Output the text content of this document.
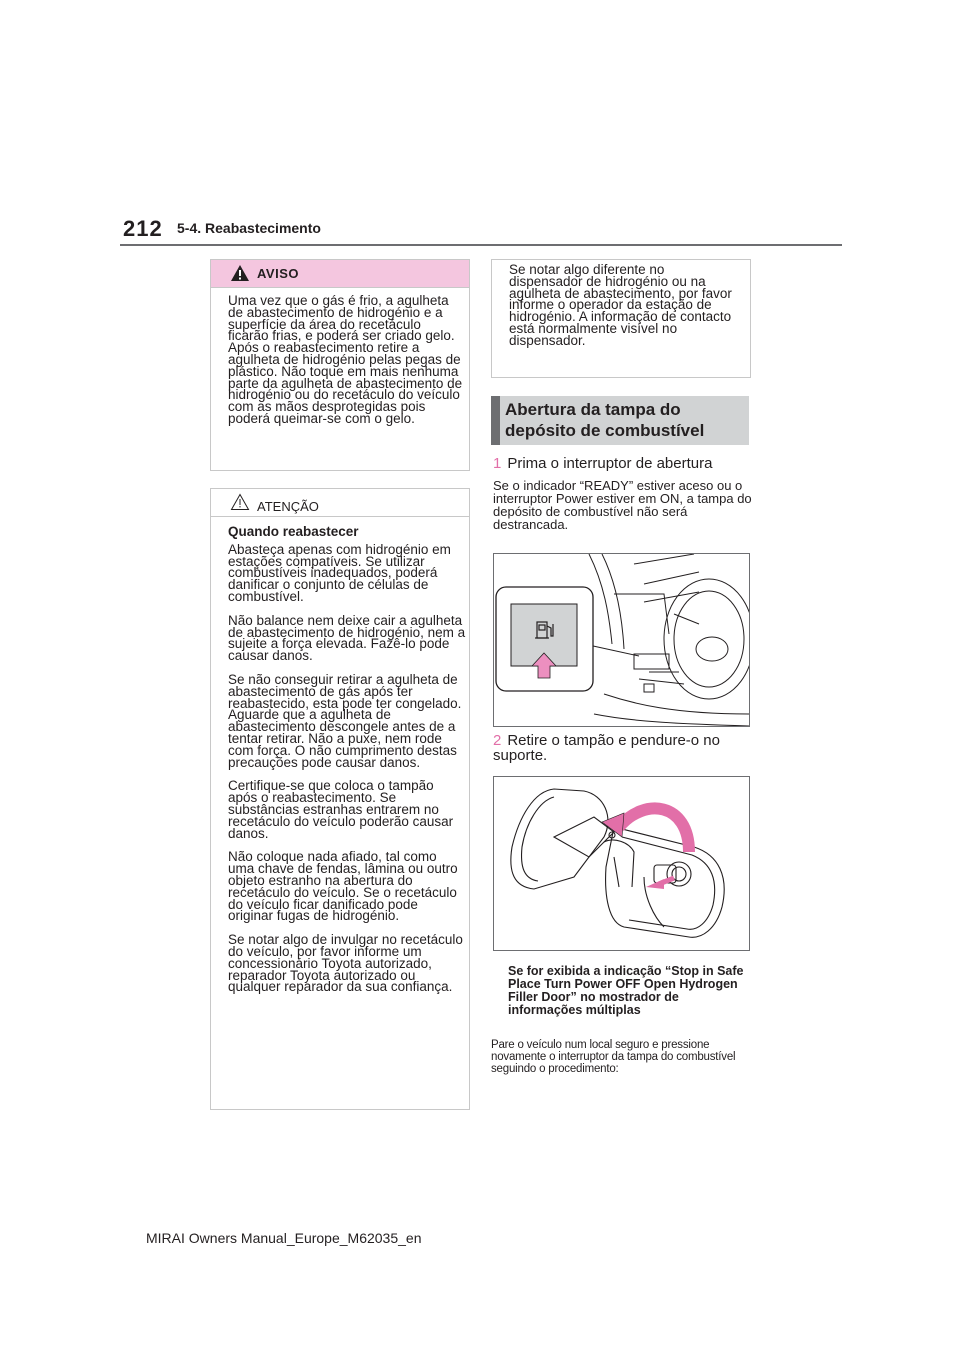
212 5-4. Reabastecimento
AVISO
Uma vez que o gás é frio, a agulheta de abastecimento de hidrogénio e a superfície da área do recetáculo ficarão frias, e poderá ser criado gelo. Após o reabastecimento retire a agulheta de hidrogénio pelas pegas de plástico. Não toque em mais nenhuma parte da agulheta de abastecimento de hidrogénio ou do recetáculo do veículo com as mãos desprotegidas pois poderá queimar-se com o gelo.
ATENÇÃO

Quando reabastecer

Abasteça apenas com hidrogénio em estações compatíveis. Se utilizar combustíveis inadequados, poderá danificar o conjunto de células de combustível.

Não balance nem deixe cair a agulheta de abastecimento de hidrogénio, nem a sujeite a força elevada. Fazê-lo pode causar danos.

Se não conseguir retirar a agulheta de abastecimento de gás após ter reabastecido, esta pode ter congelado. Aguarde que a agulheta de abastecimento descongele antes de a tentar retirar. Não a puxe, nem rode com força. O não cumprimento destas precauções pode causar danos.

Certifique-se que coloca o tampão após o reabastecimento. Se substâncias estranhas entrarem no recetáculo do veículo poderão causar danos.

Não coloque nada afiado, tal como uma chave de fendas, lâmina ou outro objeto estranho na abertura do recetáculo do veículo. Se o recetáculo do veículo ficar danificado pode originar fugas de hidrogénio.

Se notar algo de invulgar no recetáculo do veículo, por favor informe um concessionário Toyota autorizado, reparador Toyota autorizado ou qualquer reparador da sua confiança.

Se notar algo diferente no dispensador de hidrogénio ou na agulheta de abastecimento, por favor informe o operador da estação de hidrogénio. A informação de contacto está normalmente visível no dispensador.
Abertura da tampa do depósito de combustível
1 Prima o interruptor de abertura
Se o indicador “READY” estiver aceso ou o interruptor Power estiver em ON, a tampa do depósito de combustível não será destrancada.
2 Retire o tampão e pendure-o no suporte.
Se for exibida a indicação “Stop in Safe Place Turn Power OFF Open Hydrogen Filler Door” no mostrador de informações múltiplas
Pare o veículo num local seguro e pressione novamente o interruptor da tampa do combustível seguindo o procedimento:
MIRAI Owners Manual_Europe_M62035_en
